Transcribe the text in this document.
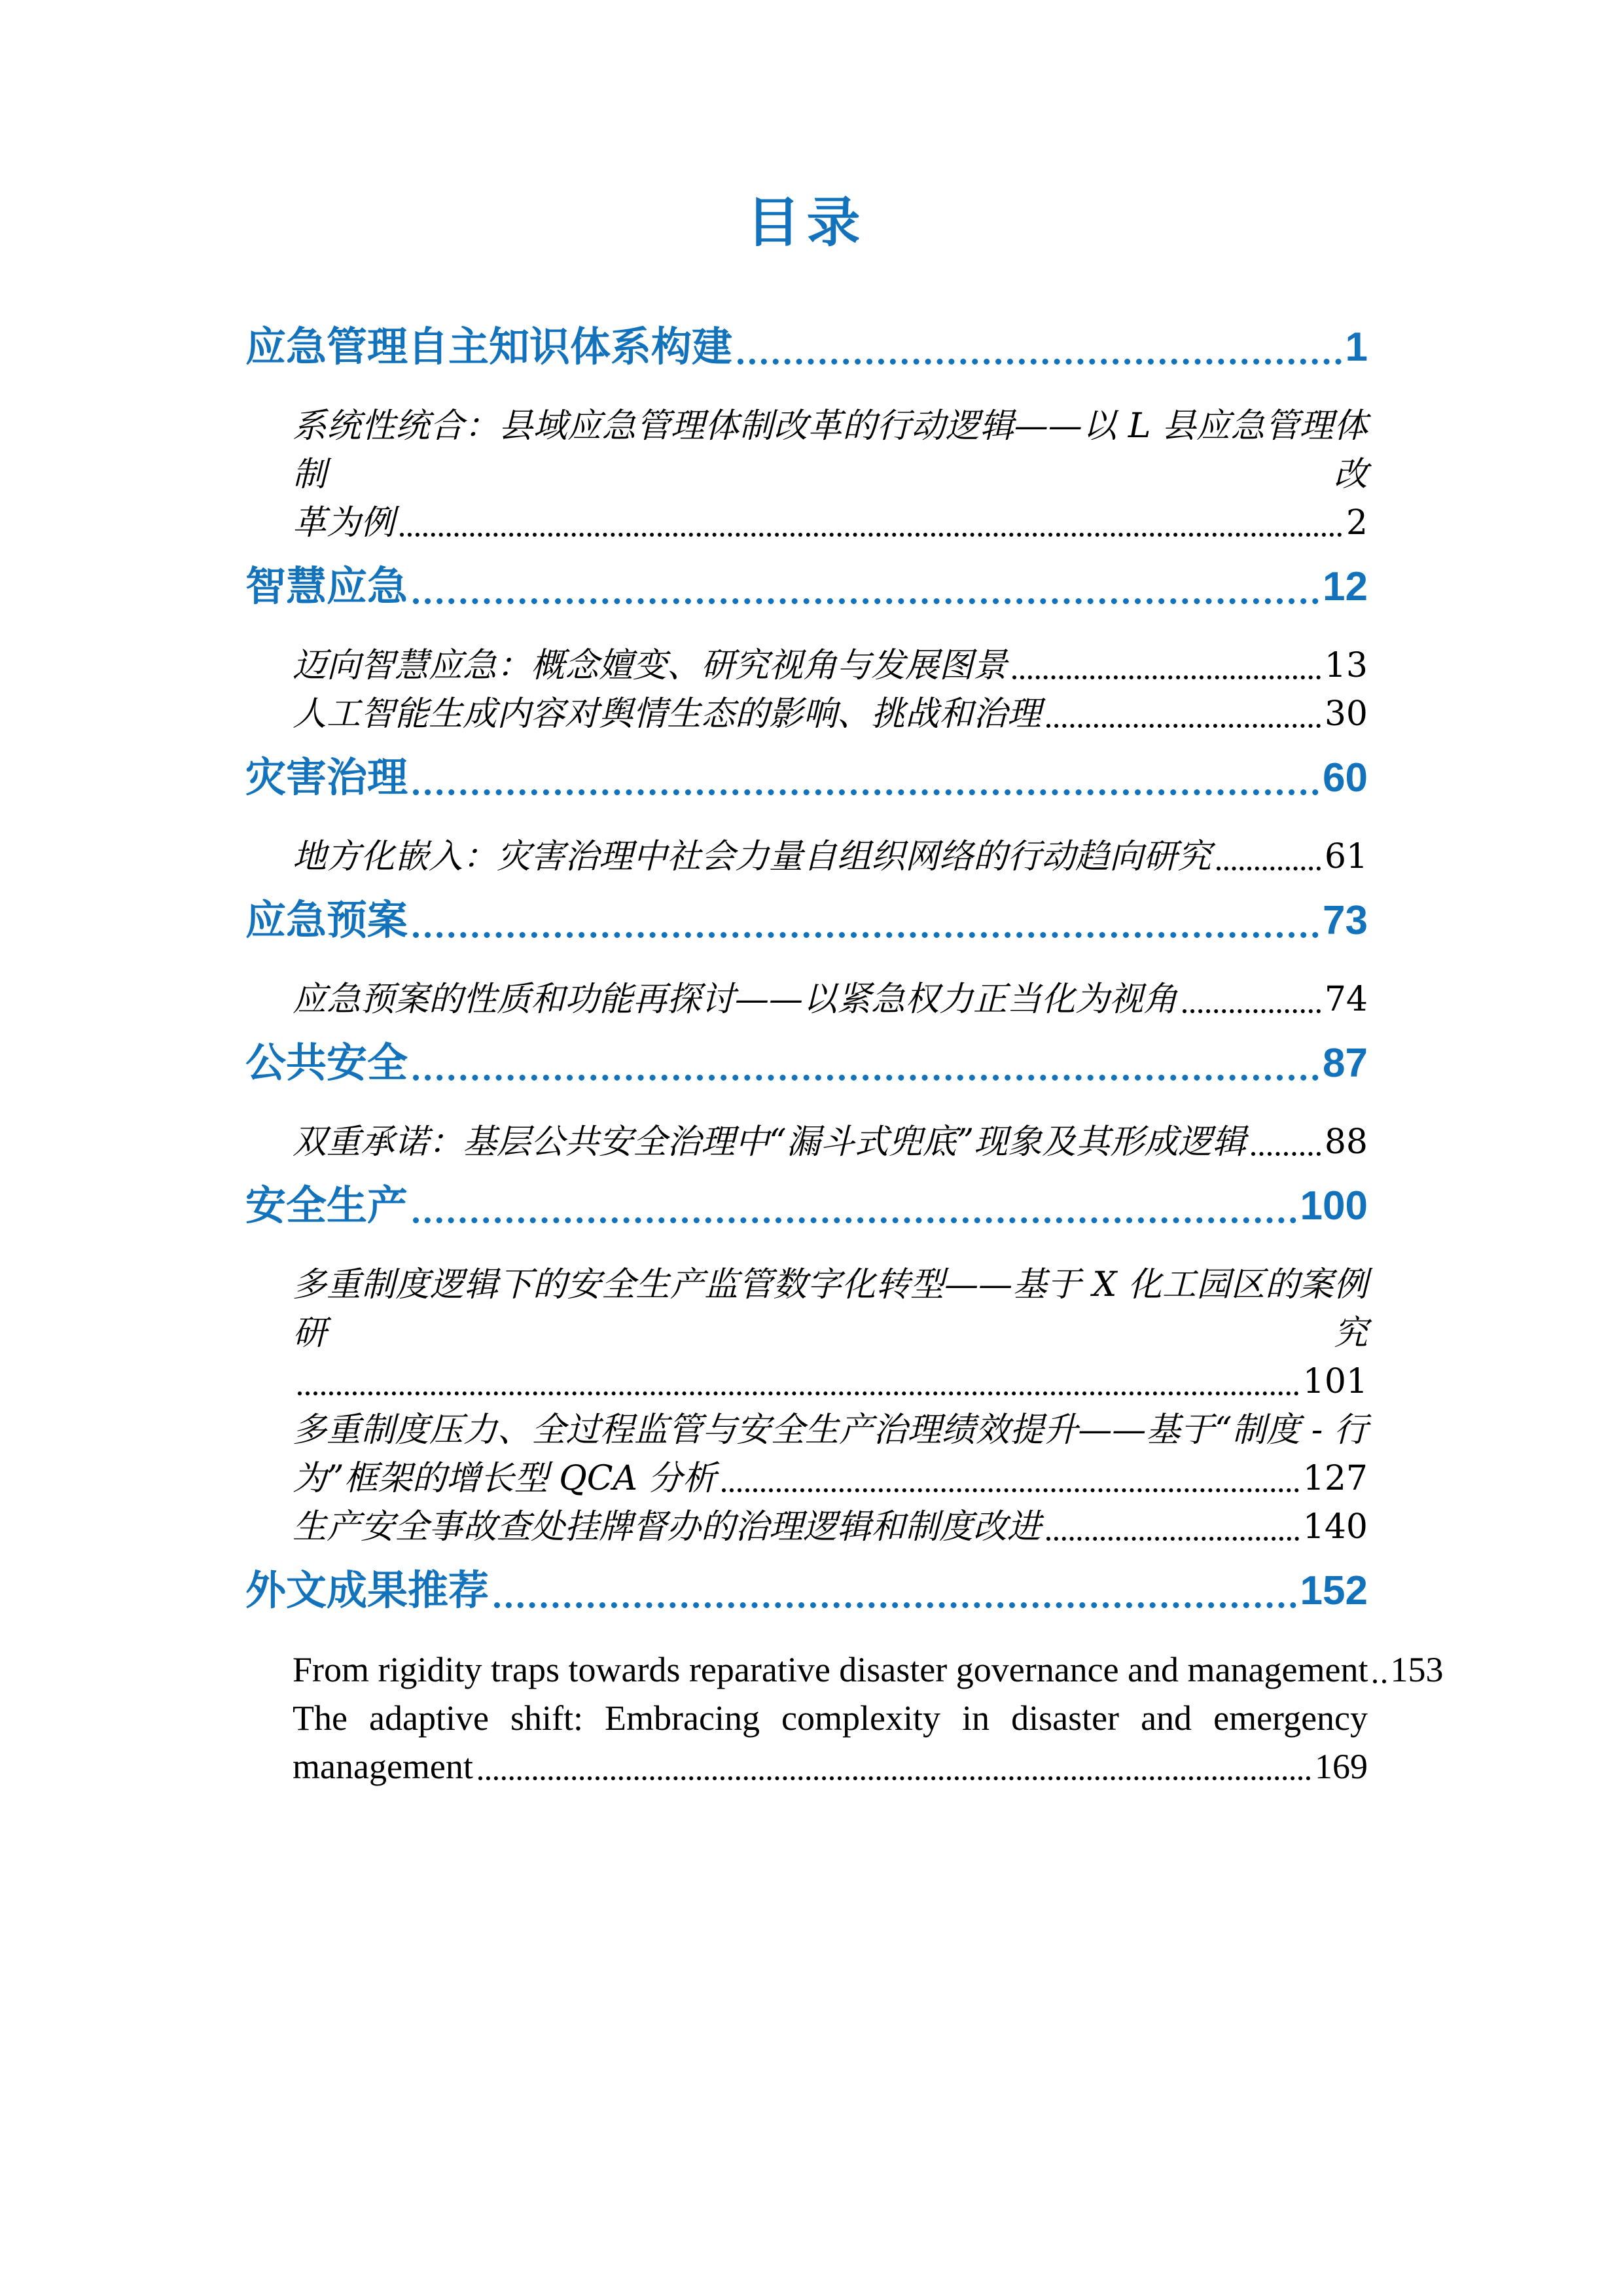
目录
应急管理自主知识体系构建	1
系统性统合：县域应急管理体制改革的行动逻辑——以 L 县应急管理体制改
革为例	2
智慧应急	12
迈向智慧应急：概念嬗变、研究视角与发展图景	13
人工智能生成内容对舆情生态的影响、挑战和治理	30
灾害治理	60
地方化嵌入：灾害治理中社会力量自组织网络的行动趋向研究	61
应急预案	73
应急预案的性质和功能再探讨——以紧急权力正当化为视角	74
公共安全	87
双重承诺：基层公共安全治理中“漏斗式兜底”现象及其形成逻辑 88
安全生产	100
多重制度逻辑下的安全生产监管数字化转型——基于 X 化工园区的案例研究
101
多重制度压力、全过程监管与安全生产治理绩效提升——基于“制度 - 行
为”框架的增长型 QCA 分析	127
生产安全事故查处挂牌督办的治理逻辑和制度改进	140
外文成果推荐	152
From rigidity traps towards reparative disaster governance and management 153
The adaptive shift: Embracing complexity in disaster and emergency
management	169
